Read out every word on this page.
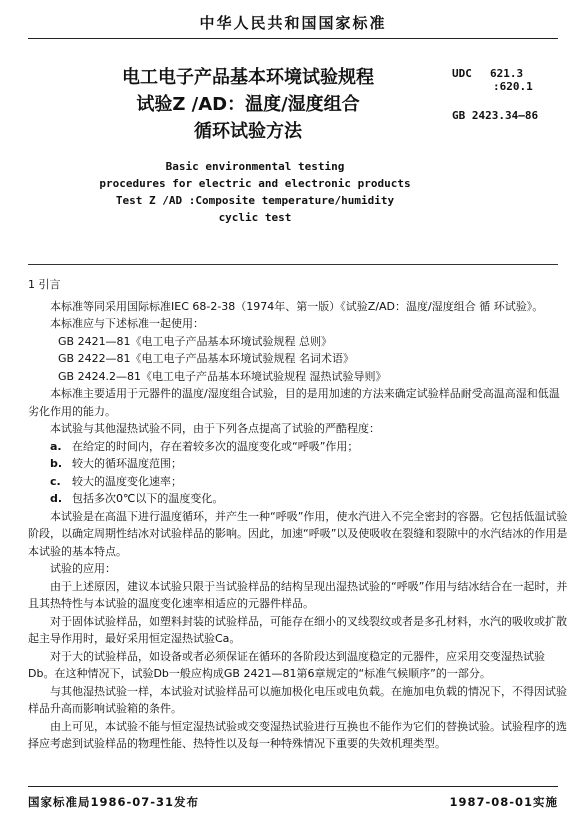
中华人民共和国国家标准
电工电子产品基本环境试验规程
试验Z /AD：温度/湿度组合
循环试验方法
UDC 621.3
:620.1
GB 2423.34—86
Basic environmental testing
procedures for electric and electronic products
Test Z /AD :Composite temperature/humidity
cyclic test

1 引言

本标准等同采用国际标准IEC 68-2-38（1974年、第一版）《试验Z/AD：温度/湿度组合 循 环试验》。

本标准应与下述标准一起使用：

GB 2421—81《电工电子产品基本环境试验规程 总则》

GB 2422—81《电工电子产品基本环境试验规程 名词术语》

GB 2424.2—81《电工电子产品基本环境试验规程 湿热试验导则》

本标准主要适用于元器件的温度/湿度组合试验，目的是用加速的方法来确定试验样品耐受高温高湿和低温劣化作用的能力。

本试验与其他湿热试验不同，由于下列各点提高了试验的严酷程度：

a. 在给定的时间内，存在着较多次的温度变化或“呼吸”作用；

b. 较大的循环温度范围；

c. 较大的温度变化速率；

d. 包括多次0℃以下的温度变化。

本试验是在高温下进行温度循环，并产生一种“呼吸”作用，使水汽进入不完全密封的容器。它包括低温试验阶段，以确定周期性结冰对试验样品的影响。因此，加速“呼吸”以及使吸收在裂缝和裂隙中的水汽结冰的作用是本试验的基本特点。

试验的应用：

由于上述原因，建议本试验只限于当试验样品的结构呈现出湿热试验的“呼吸”作用与结冰结合在一起时，并且其热特性与本试验的温度变化速率相适应的元器件样品。

对于固体试验样品，如塑料封装的试验样品，可能存在细小的叉线裂纹或者是多孔材料，水汽的吸收或扩散起主导作用时，最好采用恒定湿热试验Ca。

对于大的试验样品，如设备或者必须保证在循环的各阶段达到温度稳定的元器件，应采用交变湿热试验Db。在这种情况下，试验Db一般应构成GB 2421—81第6章规定的“标准气候顺序”的一部分。

与其他湿热试验一样，本试验对试验样品可以施加极化电压或电负载。在施加电负载的情况下，不得因试验样品升高而影响试验箱的条件。

由上可见，本试验不能与恒定湿热试验或交变湿热试验进行互换也不能作为它们的替换试验。试验程序的选择应考虑到试验样品的物理性能、热特性以及每一种特殊情况下重要的失效机理类型。

国家标准局1986-07-31发布	1987-08-01实施
